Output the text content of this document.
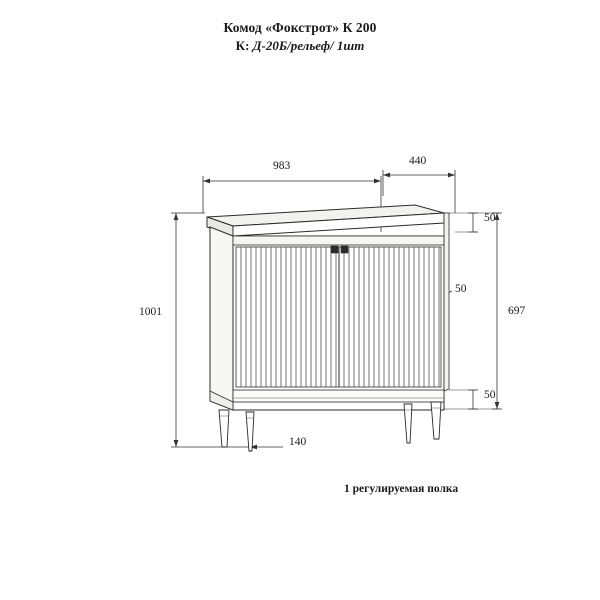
Комод «Фокстрот» К 200
К: Д-20Б/рельеф/ 1шт
983	440
1001
50
50
697
50
140
1 регулируемая полка
